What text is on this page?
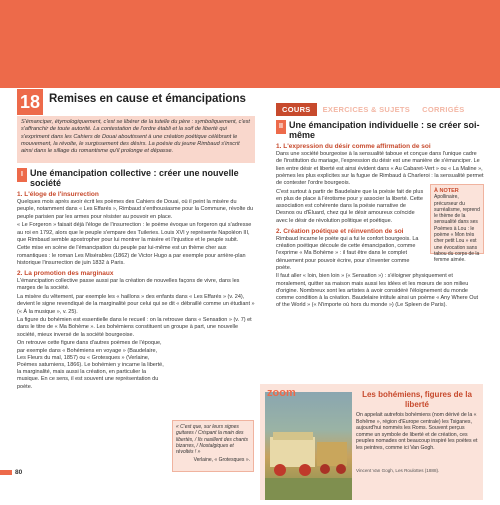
COURS	EXERCICES & SUJETS	CORRIGÉS
18 Remises en cause et émancipations
S'émanciper, étymologiquement, c'est se libérer de la tutelle du père : symboliquement, c'est s'affranchir de toute autorité. La contestation de l'ordre établi et la soif de liberté qui s'expriment dans les Cahiers de Douai aboutissent à une création poétique célébrant le mouvement, la révolte, le surgissement des désirs. La poésie du jeune Rimbaud s'inscrit ainsi dans le sillage du romantisme qu'il prolonge et dépasse.
I Une émancipation collective : créer une nouvelle société
1. L'éloge de l'insurrection

Quelques mois après avoir écrit les poèmes des Cahiers de Douai, où il peint la misère du peuple, notamment dans « Les Effarés », Rimbaud s'enthousiasme pour la Commune, révolte du peuple parisien par les armes pour résister au pouvoir en place.

« Le Forgeron » faisait déjà l'éloge de l'insurrection : le poème évoque un forgeron qui s'adresse au roi en 1792, alors que le peuple s'empare des Tuileries. Louis XVI y représente Napoléon III, que Rimbaud semble apostropher pour lui montrer la misère et l'injustice et le peuple subit.

Cette mise en scène de l'émancipation du peuple par lui-même est un thème cher aux romantiques : le roman Les Misérables (1862) de Victor Hugo a par exemple pour arrière-plan historique l'insurrection de juin 1832 à Paris.

2. La promotion des marginaux

L'émancipation collective passe aussi par la création de nouvelles façons de vivre, dans les marges de la société.

La misère du vêtement, par exemple les « haillons » des enfants dans « Les Effarés » (v. 24), devient le signe revendiqué de la marginalité pour celui qui se dit « débraillé comme un étudiant » (« À la musique », v. 25).

La figure du bohémien est essentielle dans le recueil : on la retrouve dans « Sensation » (v. 7) et dans le titre de « Ma Bohème ». Les bohémiens constituent un groupe à part, une nouvelle société, mieux inversé de la société bourgeoise.

On retrouve cette figure dans d'autres poèmes de l'époque, par exemple dans « Bohémiens en voyage » (Baudelaire, Les Fleurs du mal, 1857) ou « Grotesques » (Verlaine, Poèmes saturniens, 1866). Le bohémien y incarne la liberté, la marginalité, mais aussi la création, en particulier la musique. En ce sens, il est souvent une représentation du poète.

« C'est que, sur leurs signes guitares / Crispant la main des libertés, / Ils nasillent des chants bizarres, / Nostalgiques et révoltés ! »
Verlaine, « Grotesques ».
II Une émancipation individuelle : se créer soi-même
1. L'expression du désir comme affirmation de soi

Dans une société bourgeoise à la sensualité taboue et conçue dans l'unique cadre de l'institution du mariage, l'expression du désir est une manière de s'émanciper. Le lien entre désir et liberté est ainsi évident dans « Au Cabaret-Vert » ou « La Maline », poèmes les plus explicites sur la fugue de Rimbaud à Charleroi : la sensualité permet de contester l'ordre bourgeois.

C'est surtout à partir de Baudelaire que la poésie fait de plus en plus de place à l'érotisme pour y associer la liberté. Cette association est cohérente dans la poésie narrative de Desnos ou d'Éluard, chez qui le désir amoureux coïncide avec le désir de révolution politique et poétique.

2. Création poétique et réinvention de soi

Rimbaud incarne le poète qui a fui le confort bourgeois. La création poétique découle de cette émancipation, comme l'exprime « Ma Bohème » : il faut être dans le complet dénuement pour pouvoir écrire, pour s'inventer comme poète.

Il faut aller « loin, bien loin » (« Sensation ») : s'éloigner physiquement et moralement, quitter sa maison mais aussi les idées et les mœurs de son milieu d'origine. Nombreux sont les artistes à avoir considéré l'éloignement du monde comme condition à la création. Baudelaire intitule ainsi un poème « Any Where Out of the World » (« N'importe où hors du monde ») (Le Spleen de Paris).

À NOTER
Apollinaire, précurseur du surréalisme, reprend le thème de la sensualité dans ses Poèmes à Lou : le poème « Mon très cher petit Lou » est une évocation sans tabou du corps de la femme aimée.
zoom	Les bohémiens, figures de la liberté
On appelait autrefois bohémiens (nom dérivé de la « Bohême », région d'Europe centrale) les Tsiganes, aujourd'hui nommés les Roms. Souvent perçus comme un symbole de liberté et de création, ces peuples nomades ont beaucoup inspiré les poètes et les peintres, comme ici Van Gogh.
Vincent Van Gogh, Les Roulottes (1888).
80
